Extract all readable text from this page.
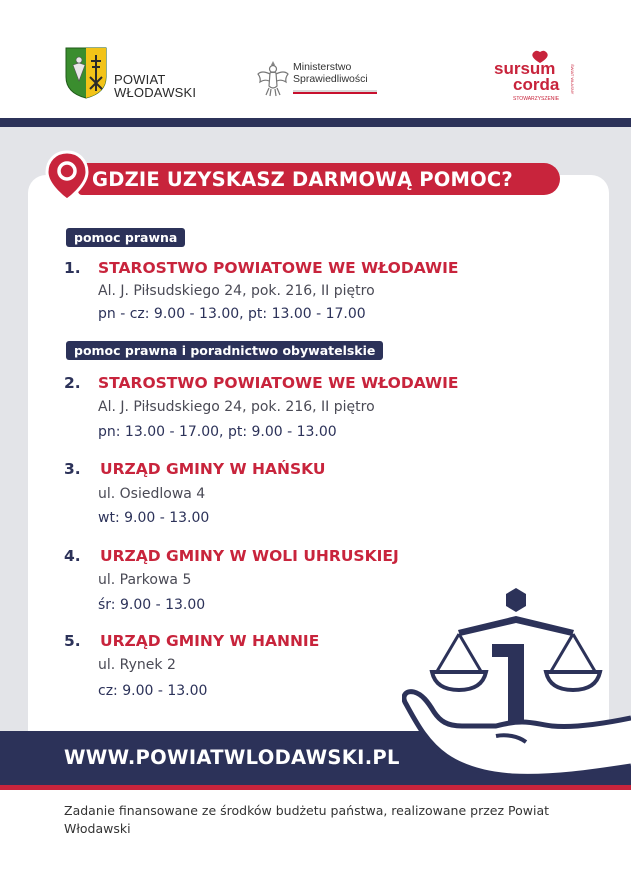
POWIAT
WŁODAWSKI
Ministerstwo
Sprawiedliwości
sursum
corda
STOWARZYSZENIE
ŚWIAT WŁASNY
GDZIE UZYSKASZ DARMOWĄ POMOC?
pomoc prawna
pomoc prawna i poradnictwo obywatelskie
1. STAROSTWO POWIATOWE WE WŁODAWIE
Al. J. Piłsudskiego 24, pok. 216, II piętro
pn - cz: 9.00 - 13.00, pt: 13.00 - 17.00
2. STAROSTWO POWIATOWE WE WŁODAWIE
Al. J. Piłsudskiego 24, pok. 216, II piętro
pn: 13.00 - 17.00, pt: 9.00 - 13.00
3. URZĄD GMINY W HAŃSKU
ul. Osiedlowa 4
wt: 9.00 - 13.00
4. URZĄD GMINY W WOLI UHRUSKIEJ
ul. Parkowa 5
śr: 9.00 - 13.00
5. URZĄD GMINY W HANNIE
ul. Rynek 2
cz: 9.00 - 13.00
WWW.POWIATWLODAWSKI.PL
Zadanie finansowane ze środków budżetu państwa, realizowane przez Powiat Włodawski
